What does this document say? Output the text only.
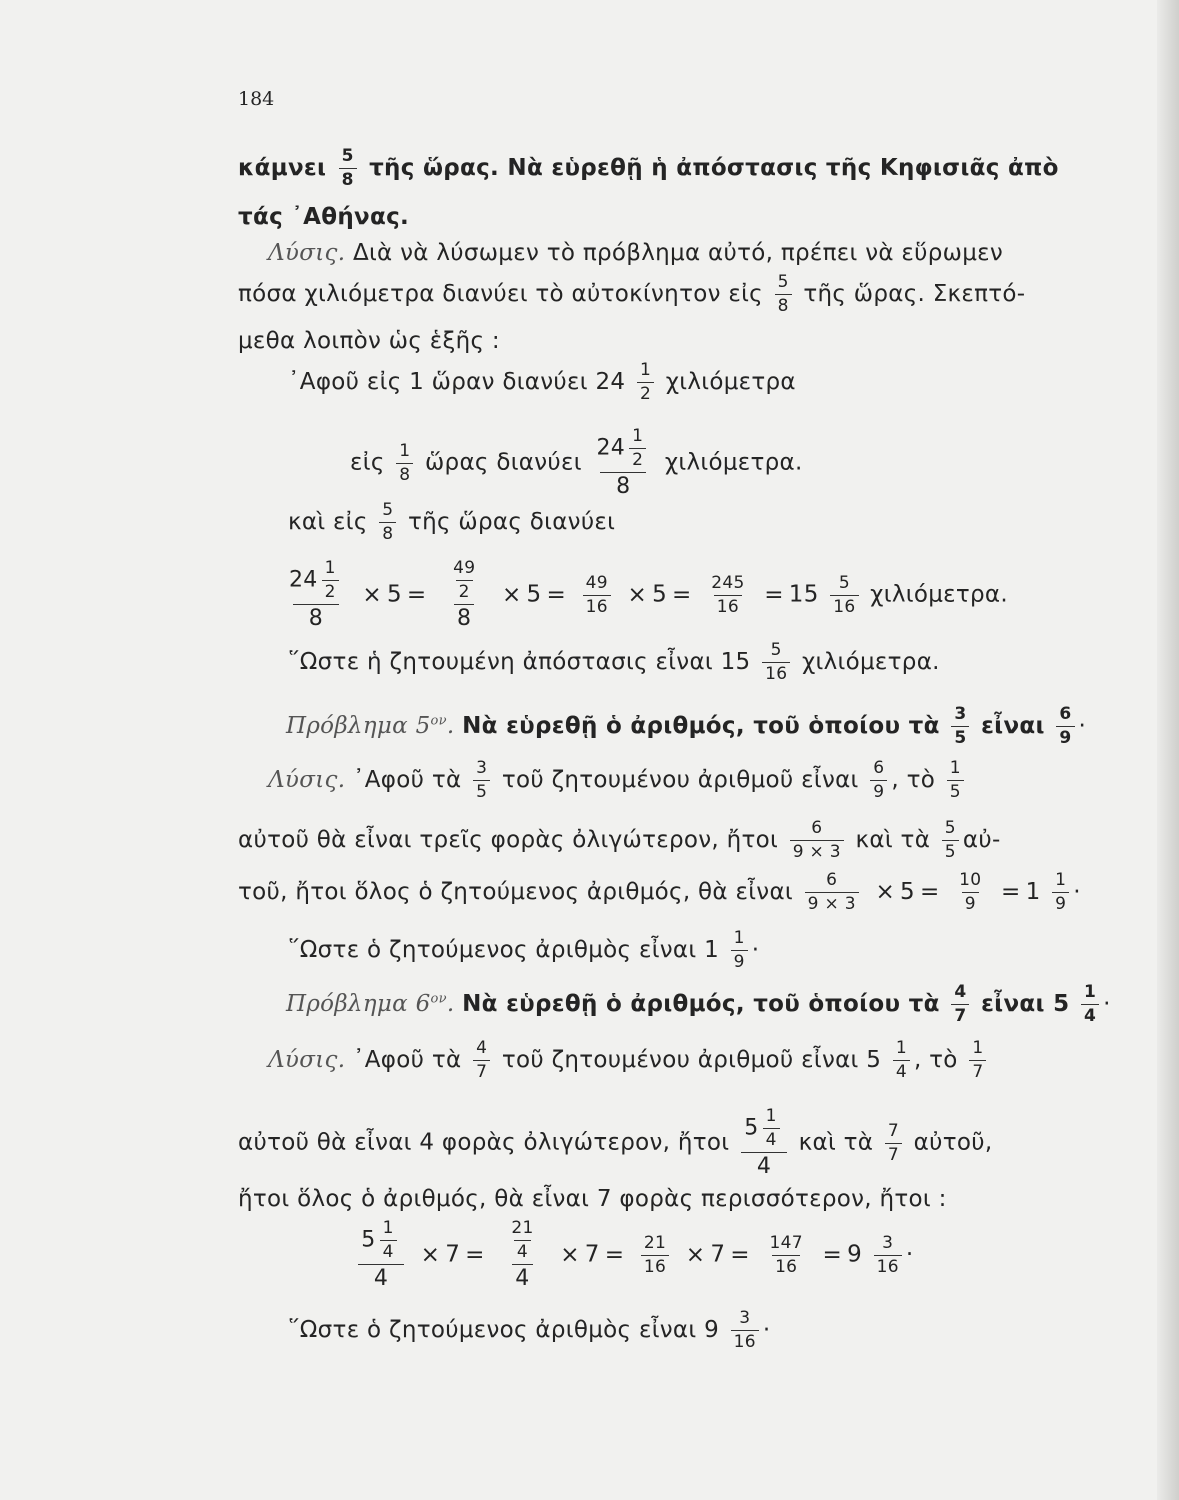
184
κάμνει $\frac{5}{8}$ τῆς ὥρας. Νὰ εὑρεθῇ ἡ ἀπόστασις τῆς Κηφισιᾶς ἀπὸ
τάς ᾿Αθήνας.
Λύσις. Διὰ νὰ λύσωμεν τὸ πρόβλημα αὐτό, πρέπει νὰ εὕρωμεν
πόσα χιλιόμετρα διανύει τὸ αὐτοκίνητον εἰς $\frac{5}{8}$ τῆς ὥρας. Σκεπτό-
μεθα λοιπὸν ὡς ἑξῆς :
᾿Αφοῦ εἰς 1 ὥραν διανύει $24 \frac{1}{2}$ χιλιόμετρα
εἰς $\frac{1}{8}$ ὥρας διανύει $\frac{24 \frac{1}{2}}{8} \chi\iota\lambda\iota ό\mu\varepsilon\tau\rho\alpha$.
καὶ εἰς $\frac{5}{8}$ τῆς ὥρας διανύει
$\frac{24 \frac{1}{2}}{8} \times 5 = \frac{\frac{49}{2}}{8} \times 5 = \frac{49}{16} \times 5 = \frac{245}{16} = 15 \frac{5}{16} \chi\iota\lambda\iota ό\mu\varepsilon\tau\rho\alpha$.
῞Ωστε ἡ ζητουμένη ἀπόστασις εἶναι $15 \frac{5}{16} \chi\iota\lambda\iota ό\mu\varepsilon\tau\rho\alpha$.
Πρόβλημα $5^{o\nu}$. Νὰ εὑρεθῇ ὁ ἀριθμός, τοῦ ὁποίου τὰ $\frac{3}{5}$ εἶναι $\frac{6}{9}$ ·
Λύσις. ᾿Αφοῦ τὰ $\frac{3}{5}$ τοῦ ζητουμένου ἀριθμοῦ εἶναι $\frac{6}{9}$ , τὸ $\frac{1}{5}$
αὐτοῦ θὰ εἶναι τρεῖς φορὰς ὀλιγώτερον, ἤτοι $\frac{6}{9 \times 3}$ καὶ τὰ $\frac{5}{5}$ αὐ-
τοῦ, ἤτοι ὅλος ὁ ζητούμενος ἀριθμός, θὰ εἶναι $\frac{6}{9 \times 3} \times 5 = \frac{10}{9} = 1 \frac{1}{9}$ ·
῞Ωστε ὁ ζητούμενος ἀριθμὸς εἶναι $1 \frac{1}{9}$ ·
Πρόβλημα $6^{o\nu}$. Νὰ εὑρεθῇ ὁ ἀριθμός, τοῦ ὁποίου τὰ $\frac{4}{7}$ εἶναι $5 \frac{1}{4}$ ·
Λύσις. ᾿Αφοῦ τὰ $\frac{4}{7}$ τοῦ ζητουμένου ἀριθμοῦ εἶναι $5 \frac{1}{4}$ , τὸ $\frac{1}{7}$
αὐτοῦ θὰ εἶναι 4 φορὰς ὀλιγώτερον, ἤτοι $\frac{5 \frac{1}{4}}{4}$ καὶ τὰ $\frac{7}{7}$ αὐτοῦ,
ἤτοι ὅλος ὁ ἀριθμός, θὰ εἶναι 7 φορὰς περισσότερον, ἤτοι :
$\frac{5 \frac{1}{4}}{4} \times 7 = \frac{\frac{21}{4}}{4} \times 7 = \frac{21}{16} \times 7 = \frac{147}{16} = 9 \frac{3}{16}$ ·
῞Ωστε ὁ ζητούμενος ἀριθμὸς εἶναι $9 \frac{3}{16}$ ·
